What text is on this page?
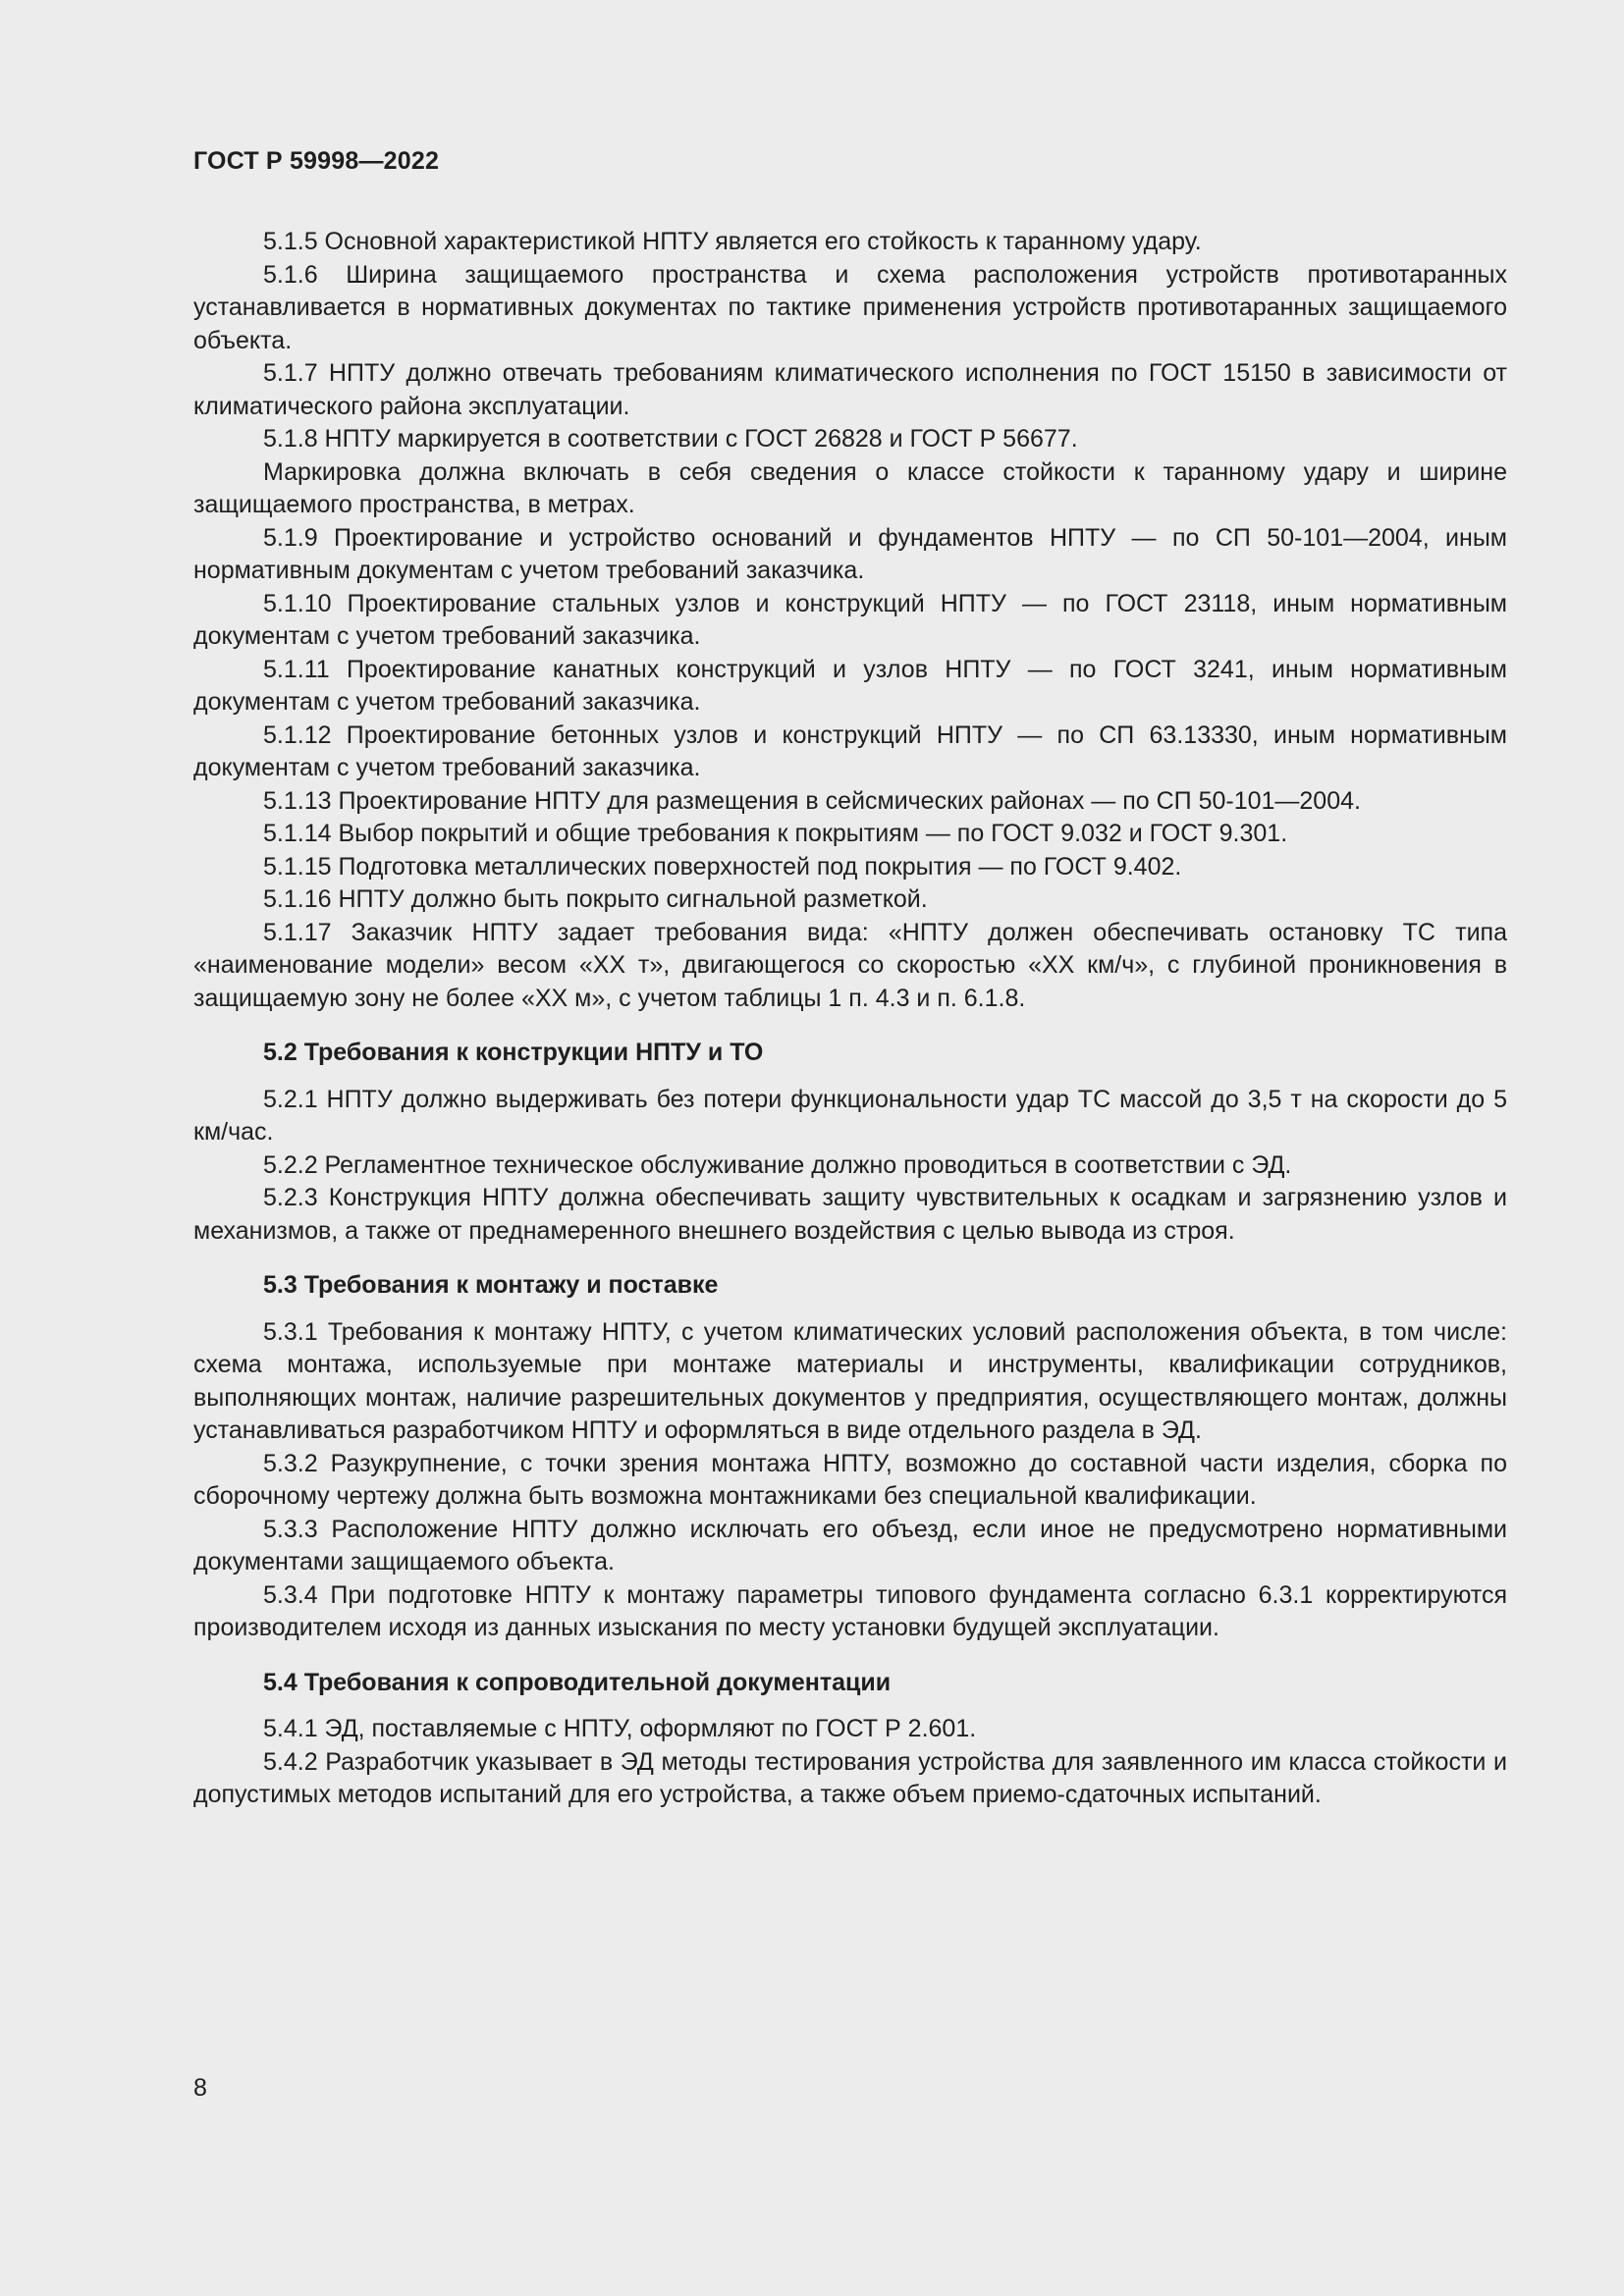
ГОСТ Р 59998—2022

5.1.5 Основной характеристикой НПТУ является его стойкость к таранному удару.

5.1.6 Ширина защищаемого пространства и схема расположения устройств противотаранных устанавливается в нормативных документах по тактике применения устройств противотаранных защищаемого объекта.

5.1.7 НПТУ должно отвечать требованиям климатического исполнения по ГОСТ 15150 в зависимости от климатического района эксплуатации.

5.1.8 НПТУ маркируется в соответствии с ГОСТ 26828 и ГОСТ Р 56677.

Маркировка должна включать в себя сведения о классе стойкости к таранному удару и ширине защищаемого пространства, в метрах.

5.1.9 Проектирование и устройство оснований и фундаментов НПТУ — по СП 50-101—2004, иным нормативным документам с учетом требований заказчика.

5.1.10 Проектирование стальных узлов и конструкций НПТУ — по ГОСТ 23118, иным нормативным документам с учетом требований заказчика.

5.1.11 Проектирование канатных конструкций и узлов НПТУ — по ГОСТ 3241, иным нормативным документам с учетом требований заказчика.

5.1.12 Проектирование бетонных узлов и конструкций НПТУ — по СП 63.13330, иным нормативным документам с учетом требований заказчика.

5.1.13 Проектирование НПТУ для размещения в сейсмических районах — по СП 50-101—2004.

5.1.14 Выбор покрытий и общие требования к покрытиям — по ГОСТ 9.032 и ГОСТ 9.301.

5.1.15 Подготовка металлических поверхностей под покрытия — по ГОСТ 9.402.

5.1.16 НПТУ должно быть покрыто сигнальной разметкой.

5.1.17 Заказчик НПТУ задает требования вида: «НПТУ должен обеспечивать остановку ТС типа «наименование модели» весом «XX т», двигающегося со скоростью «XX км/ч», с глубиной проникновения в защищаемую зону не более «XX м», с учетом таблицы 1 п. 4.3 и п. 6.1.8.

5.2 Требования к конструкции НПТУ и ТО

5.2.1 НПТУ должно выдерживать без потери функциональности удар ТС массой до 3,5 т на скорости до 5 км/час.

5.2.2 Регламентное техническое обслуживание должно проводиться в соответствии с ЭД.

5.2.3 Конструкция НПТУ должна обеспечивать защиту чувствительных к осадкам и загрязнению узлов и механизмов, а также от преднамеренного внешнего воздействия с целью вывода из строя.

5.3 Требования к монтажу и поставке

5.3.1 Требования к монтажу НПТУ, с учетом климатических условий расположения объекта, в том числе: схема монтажа, используемые при монтаже материалы и инструменты, квалификации сотрудников, выполняющих монтаж, наличие разрешительных документов у предприятия, осуществляющего монтаж, должны устанавливаться разработчиком НПТУ и оформляться в виде отдельного раздела в ЭД.

5.3.2 Разукрупнение, с точки зрения монтажа НПТУ, возможно до составной части изделия, сборка по сборочному чертежу должна быть возможна монтажниками без специальной квалификации.

5.3.3 Расположение НПТУ должно исключать его объезд, если иное не предусмотрено нормативными документами защищаемого объекта.

5.3.4 При подготовке НПТУ к монтажу параметры типового фундамента согласно 6.3.1 корректируются производителем исходя из данных изыскания по месту установки будущей эксплуатации.

5.4 Требования к сопроводительной документации

5.4.1 ЭД, поставляемые с НПТУ, оформляют по ГОСТ Р 2.601.

5.4.2 Разработчик указывает в ЭД методы тестирования устройства для заявленного им класса стойкости и допустимых методов испытаний для его устройства, а также объем приемо-сдаточных испытаний.

8
